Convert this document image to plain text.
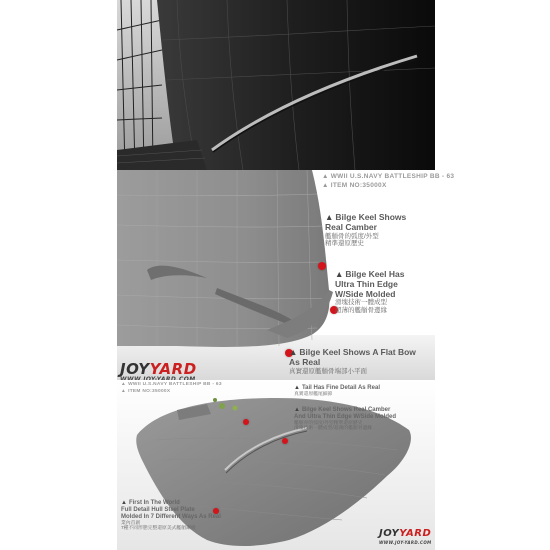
▲ WWII U.S.NAVY BATTLESHIP BB - 63
▲ ITEM NO:35000X
▲ Bilge Keel Shows
Real Camber
艦艏骨的弧度/外型
精準還原歷史
▲ Bilge Keel Has
Ultra Thin Edge
W/Side Molded
滑塊技術一體成型
超薄的艦艏骨邊緣
▲ Bilge Keel Shows A Flat Bow
As Real
真實還原艦艏骨端部小平面
JOYYARD
▲ WWII U.S.NAVY BATTLESHIP BB - 63
▲ ITEM NO:35000X
▲ Tail Has Fine Detail As Real
真實還原艦尾細節
▲ Bilge Keel Shows Real Camber
And Ultra Thin Edge W/Side Molded
艦艏骨的弧度/外型精準還原歷史
滑塊技術一體成型/超薄的艦艏骨邊緣
▲ First In The World
Full Detail Hull Steel Plate
Molded In 7 Different Ways As Real
業內首創
7種不同形態完整還原美式艦艏鋼板	JOYYARD
WWW.JOY-YARD.COM
